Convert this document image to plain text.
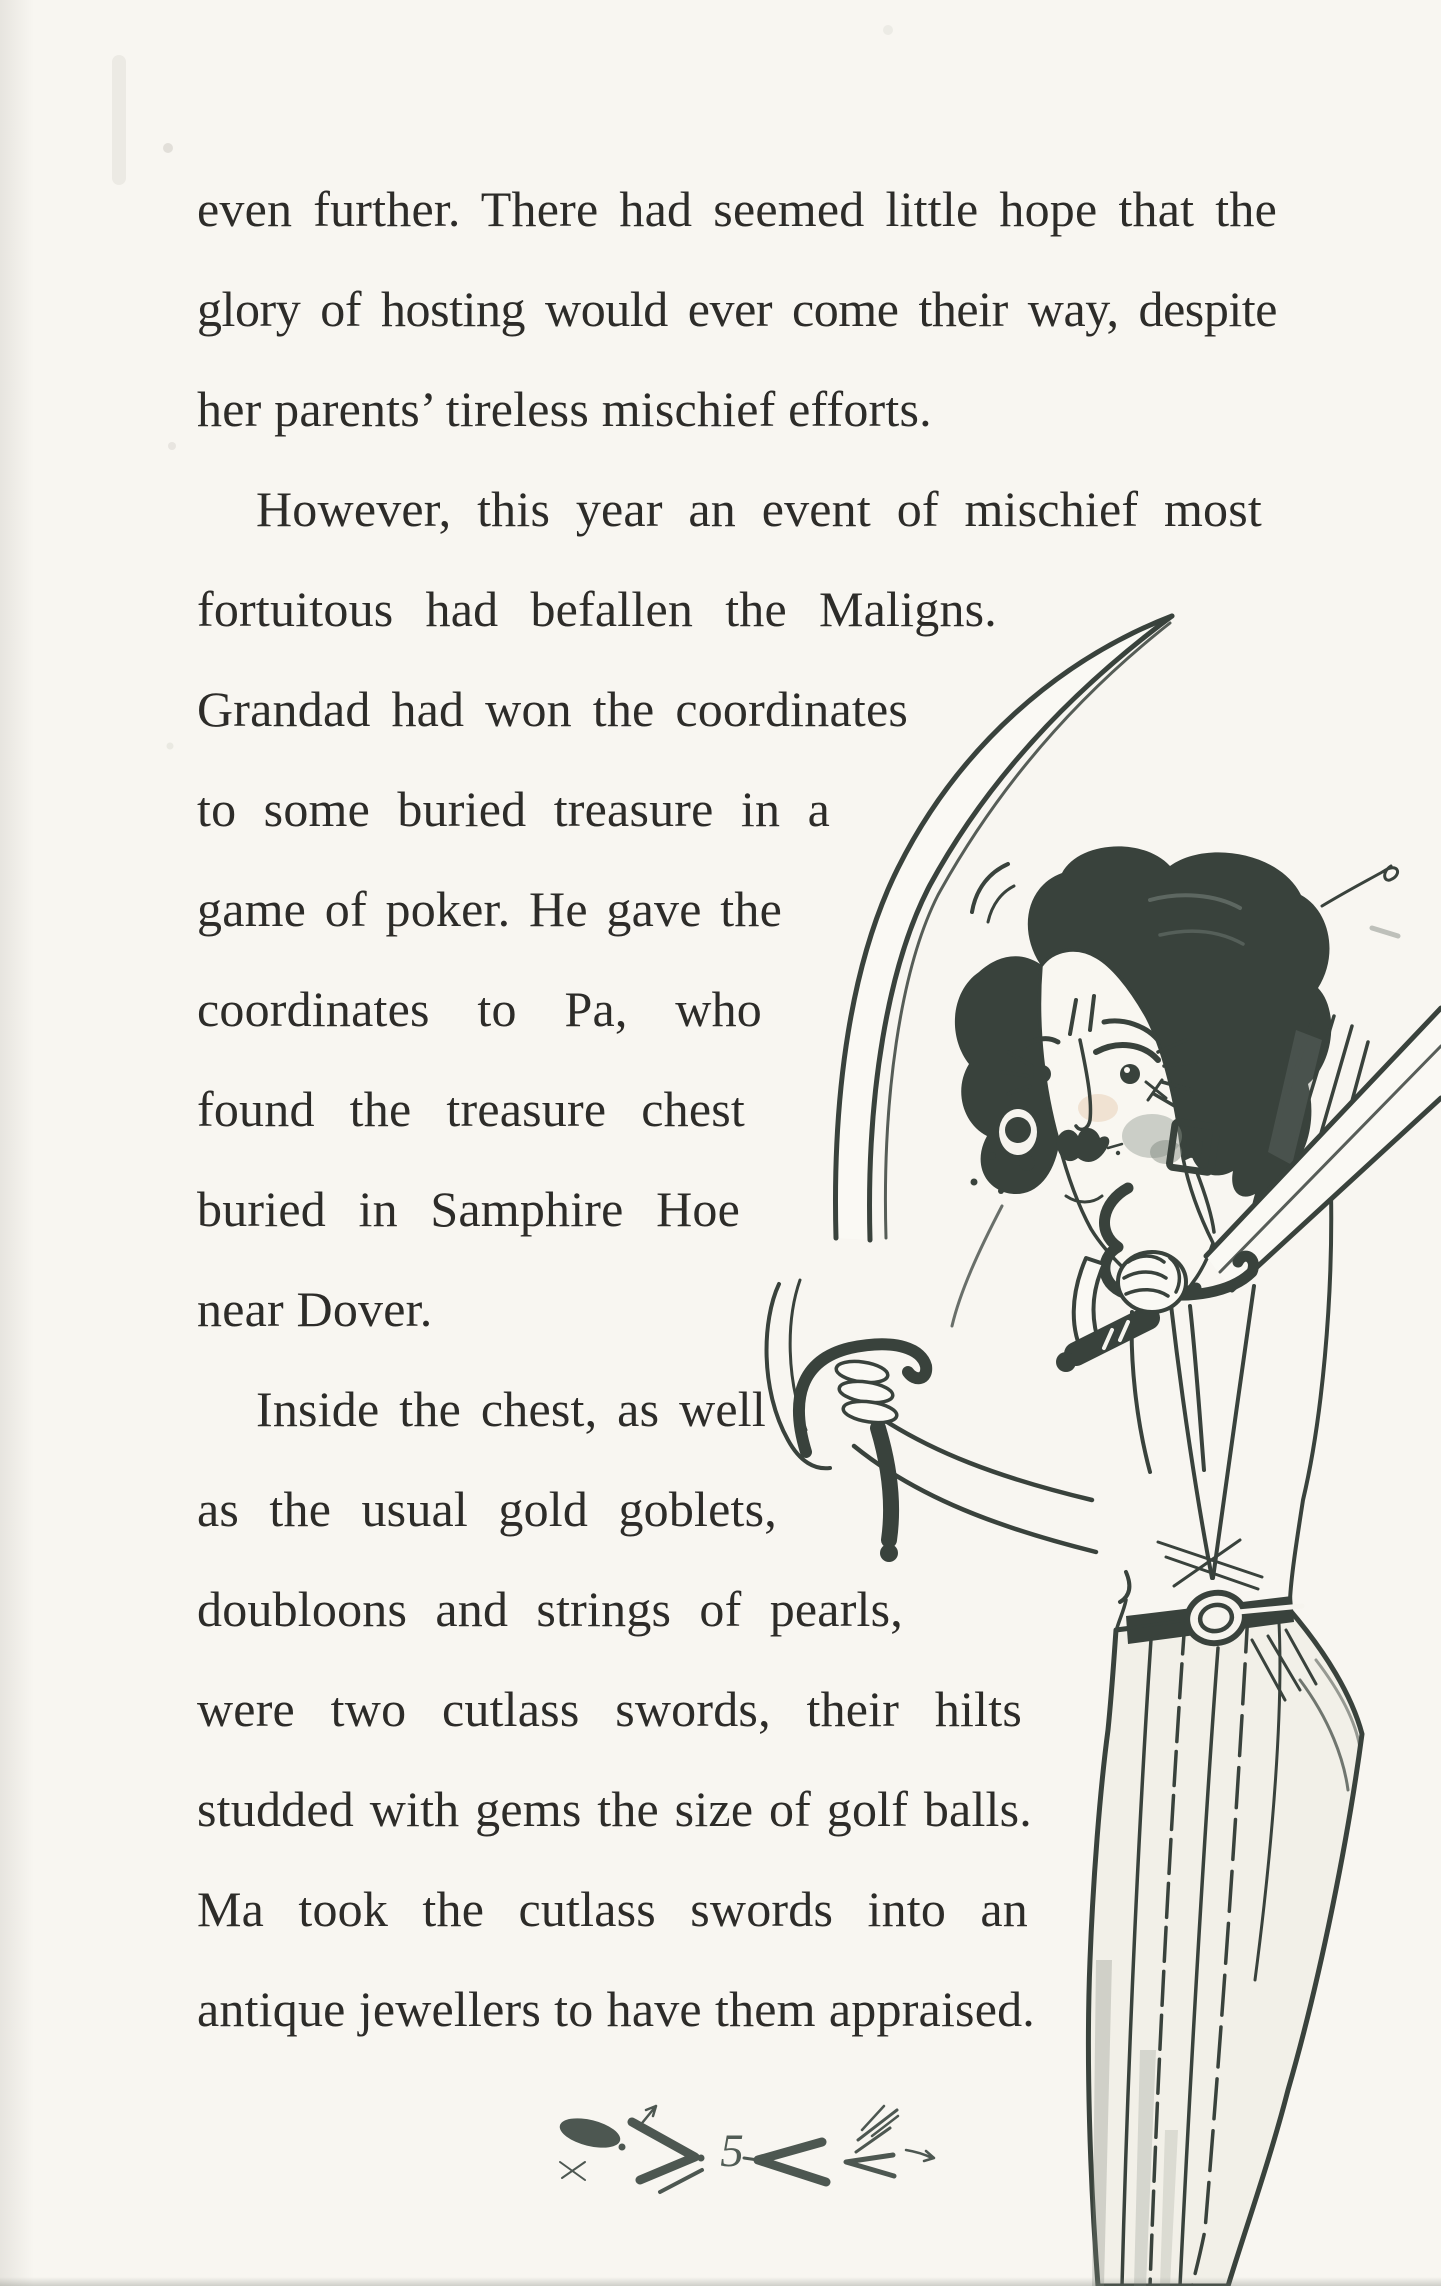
even further. There had seemed little hope that the
glory of hosting would ever come their way, despite
her parents’ tireless mischief efforts.
However, this year an event of mischief most
fortuitous had befallen the Maligns.
Grandad had won the coordinates
to some buried treasure in a
game of poker. He gave the
coordinates to Pa, who
found the treasure chest
buried in Samphire Hoe
near Dover.
Inside the chest, as well
as the usual gold goblets,
doubloons and strings of pearls,
were two cutlass swords, their hilts
studded with gems the size of golf balls.
Ma took the cutlass swords into an
antique jewellers to have them appraised.
5
